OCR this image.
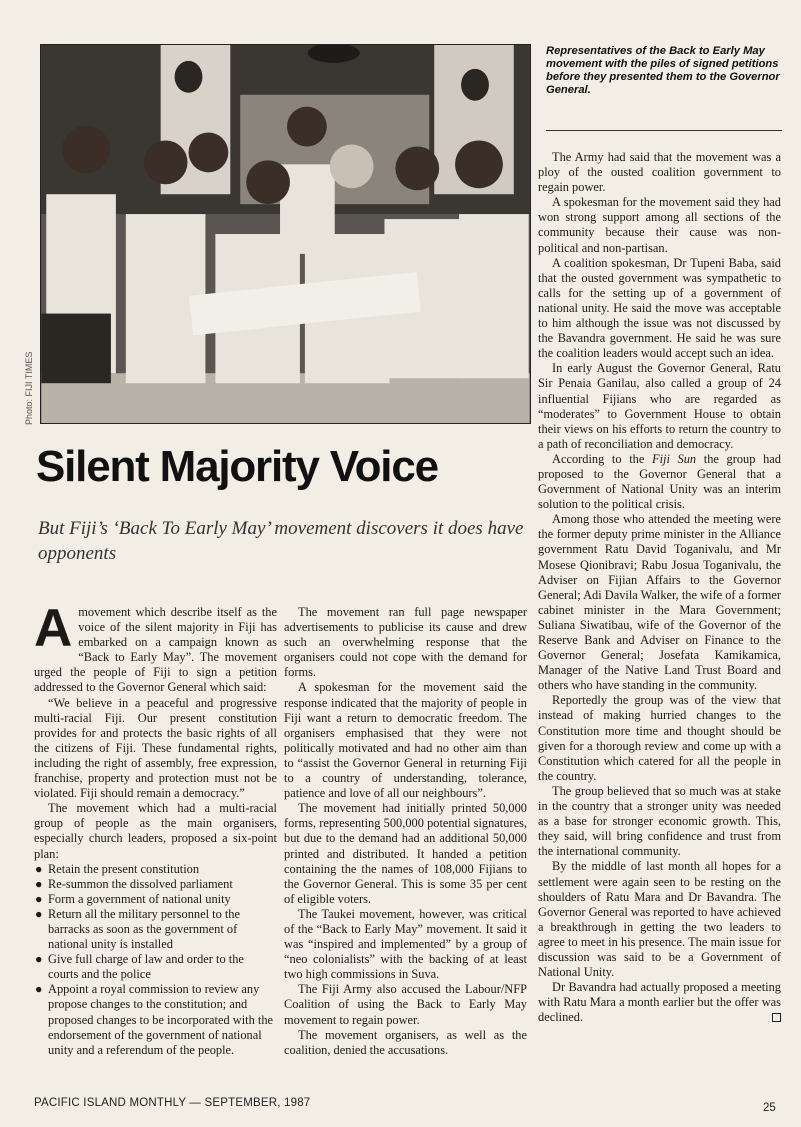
Photo: FIJI TIMES
Representatives of the Back to Early May movement with the piles of signed petitions before they presented them to the Governor General.
Silent Majority Voice
But Fiji’s ‘Back To Early May’ movement discovers it does have opponents

Amovement which describe itself as the voice of the silent majority in Fiji has embarked on a campaign known as “Back to Early May”. The movement urged the people of Fiji to sign a petition addressed to the Governor General which said:

“We believe in a peaceful and progressive multi-racial Fiji. Our present constitution provides for and protects the basic rights of all the citizens of Fiji. These fundamental rights, including the right of assembly, free expression, franchise, property and protection must not be violated. Fiji should remain a democracy.”

The movement which had a multi-racial group of people as the main organisers, especially church leaders, proposed a six-point plan:

● Retain the present constitution
● Re-summon the dissolved parliament
● Form a government of national unity
● Return all the military personnel to the barracks as soon as the government of national unity is installed
● Give full charge of law and order to the courts and the police
● Appoint a royal commission to review any propose changes to the constitution; and proposed changes to be incorporated with the endorsement of the government of national unity and a referendum of the people.

The movement ran full page newspaper advertisements to publicise its cause and drew such an overwhelming response that the organisers could not cope with the demand for forms.

A spokesman for the movement said the response indicated that the majority of people in Fiji want a return to democratic freedom. The organisers emphasised that they were not politically motivated and had no other aim than to “assist the Governor General in returning Fiji to a country of understanding, tolerance, patience and love of all our neighbours”.

The movement had initially printed 50,000 forms, representing 500,000 potential signatures, but due to the demand had an additional 50,000 printed and distributed. It handed a petition containing the the names of 108,000 Fijians to the Governor General. This is some 35 per cent of eligible voters.

The Taukei movement, however, was critical of the “Back to Early May” movement. It said it was “inspired and implemented” by a group of “neo colonialists” with the backing of at least two high commissions in Suva.

The Fiji Army also accused the Labour/NFP Coalition of using the Back to Early May movement to regain power.

The movement organisers, as well as the coalition, denied the accusations.

The Army had said that the movement was a ploy of the ousted coalition government to regain power.

A spokesman for the movement said they had won strong support among all sections of the community because their cause was non-political and non-partisan.

A coalition spokesman, Dr Tupeni Baba, said that the ousted government was sympathetic to calls for the setting up of a government of national unity. He said the move was acceptable to him although the issue was not discussed by the Bavandra government. He said he was sure the coalition leaders would accept such an idea.

In early August the Governor General, Ratu Sir Penaia Ganilau, also called a group of 24 influential Fijians who are regarded as “moderates” to Government House to obtain their views on his efforts to return the country to a path of reconciliation and democracy.

According to the Fiji Sun the group had proposed to the Governor General that a Government of National Unity was an interim solution to the political crisis.

Among those who attended the meeting were the former deputy prime minister in the Alliance government Ratu David Toganivalu, and Mr Mosese Qionibravi; Rabu Josua Toganivalu, the Adviser on Fijian Affairs to the Governor General; Adi Davila Walker, the wife of a former cabinet minister in the Mara Government; Suliana Siwatibau, wife of the Governor of the Reserve Bank and Adviser on Finance to the Governor General; Josefata Kamikamica, Manager of the Native Land Trust Board and others who have standing in the community.

Reportedly the group was of the view that instead of making hurried changes to the Constitution more time and thought should be given for a thorough review and come up with a Constitution which catered for all the people in the country.

The group believed that so much was at stake in the country that a stronger unity was needed as a base for stronger economic growth. This, they said, will bring confidence and trust from the international community.

By the middle of last month all hopes for a settlement were again seen to be resting on the shoulders of Ratu Mara and Dr Bavandra. The Governor General was reported to have achieved a breakthrough in getting the two leaders to agree to meet in his presence. The main issue for discussion was said to be a Government of National Unity.

Dr Bavandra had actually proposed a meeting with Ratu Mara a month earlier but the offer was declined.

PACIFIC ISLAND MONTHLY — SEPTEMBER, 1987	25
